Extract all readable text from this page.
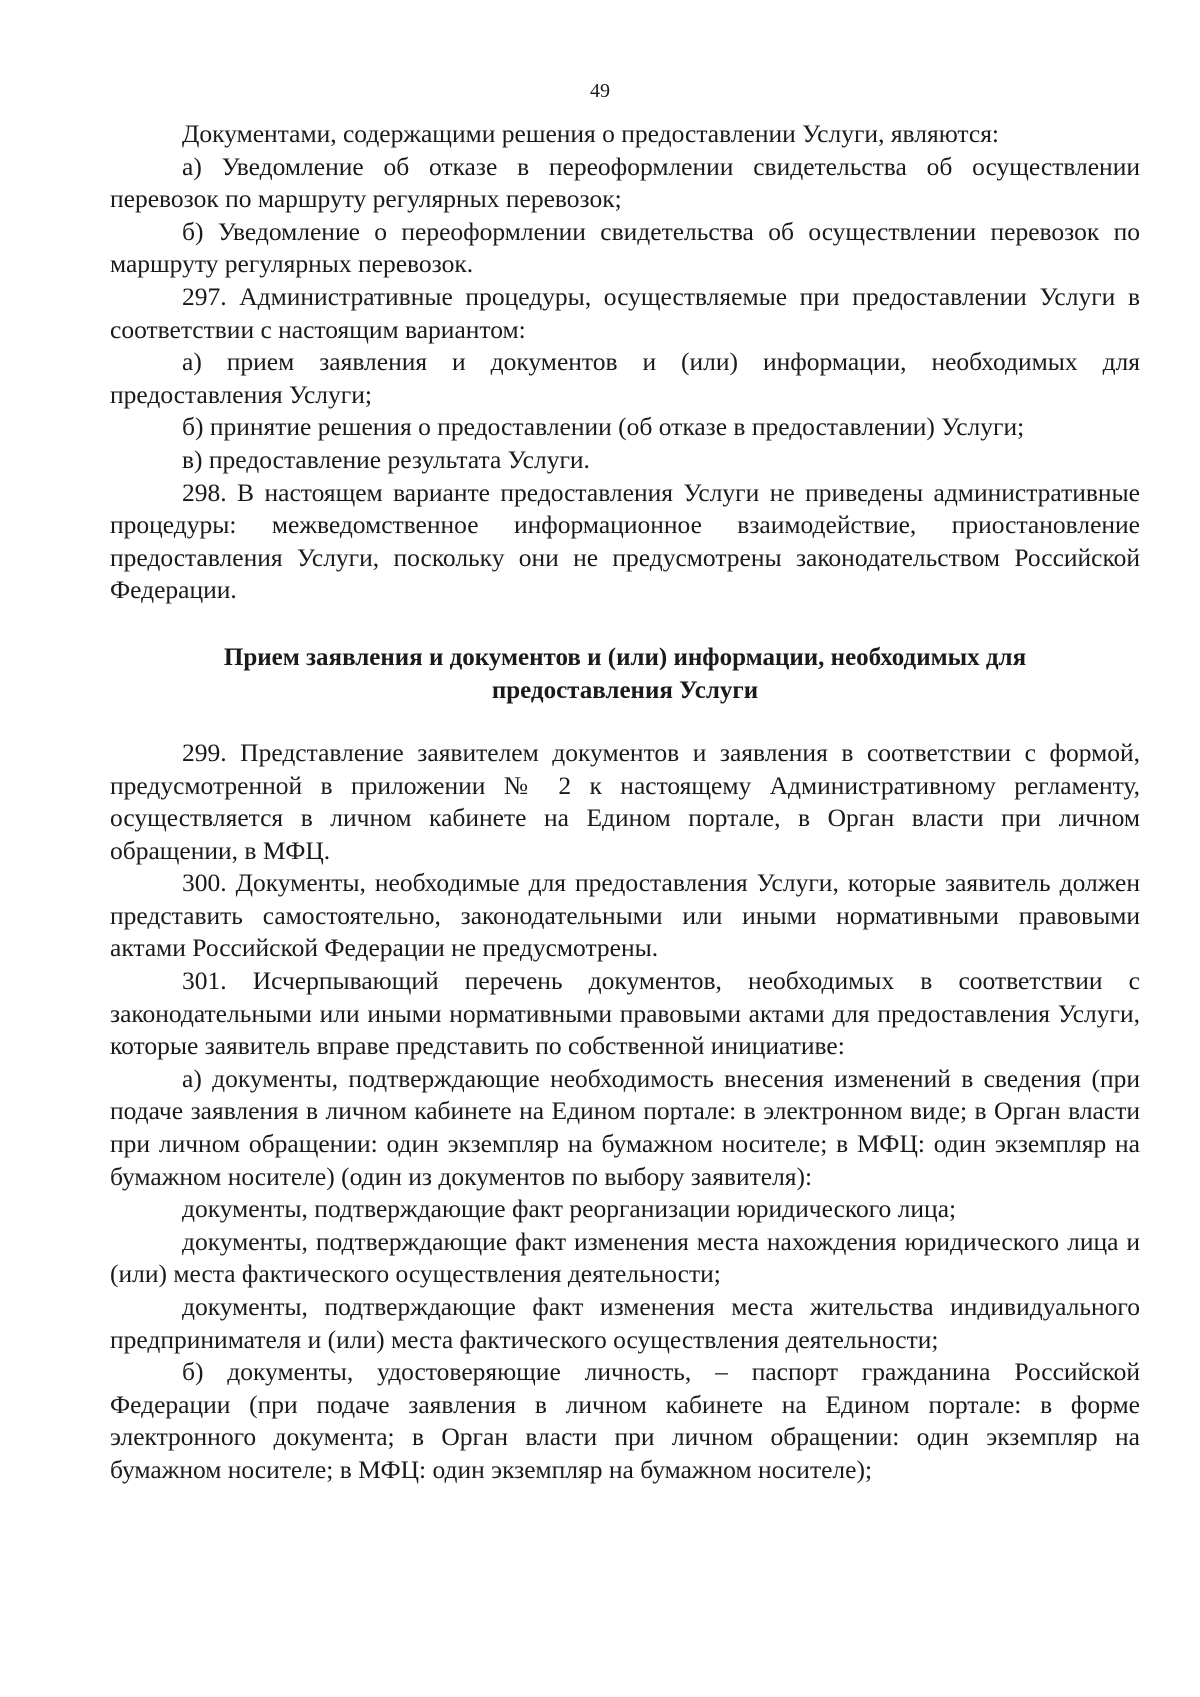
49

Документами, содержащими решения о предоставлении Услуги, являются:

а) Уведомление об отказе в переоформлении свидетельства об осуществлении перевозок по маршруту регулярных перевозок;

б) Уведомление о переоформлении свидетельства об осуществлении перевозок по маршруту регулярных перевозок.

297. Административные процедуры, осуществляемые при предоставлении Услуги в соответствии с настоящим вариантом:

а) прием заявления и документов и (или) информации, необходимых для предоставления Услуги;

б) принятие решения о предоставлении (об отказе в предоставлении) Услуги;

в) предоставление результата Услуги.

298. В настоящем варианте предоставления Услуги не приведены административные процедуры: межведомственное информационное взаимодействие, приостановление предоставления Услуги, поскольку они не предусмотрены законодательством Российской Федерации.

Прием заявления и документов и (или) информации, необходимых для
предоставления Услуги

299. Представление заявителем документов и заявления в соответствии с формой, предусмотренной в приложении № 2 к настоящему Административному регламенту, осуществляется в личном кабинете на Едином портале, в Орган власти при личном обращении, в МФЦ.

300. Документы, необходимые для предоставления Услуги, которые заявитель должен представить самостоятельно, законодательными или иными нормативными правовыми актами Российской Федерации не предусмотрены.

301. Исчерпывающий перечень документов, необходимых в соответствии с законодательными или иными нормативными правовыми актами для предоставления Услуги, которые заявитель вправе представить по собственной инициативе:

а) документы, подтверждающие необходимость внесения изменений в сведения (при подаче заявления в личном кабинете на Едином портале: в электронном виде; в Орган власти при личном обращении: один экземпляр на бумажном носителе; в МФЦ: один экземпляр на бумажном носителе) (один из документов по выбору заявителя):

документы, подтверждающие факт реорганизации юридического лица;

документы, подтверждающие факт изменения места нахождения юридического лица и (или) места фактического осуществления деятельности;

документы, подтверждающие факт изменения места жительства индивидуального предпринимателя и (или) места фактического осуществления деятельности;

б) документы, удостоверяющие личность, – паспорт гражданина Российской Федерации (при подаче заявления в личном кабинете на Едином портале: в форме электронного документа; в Орган власти при личном обращении: один экземпляр на бумажном носителе; в МФЦ: один экземпляр на бумажном носителе);
